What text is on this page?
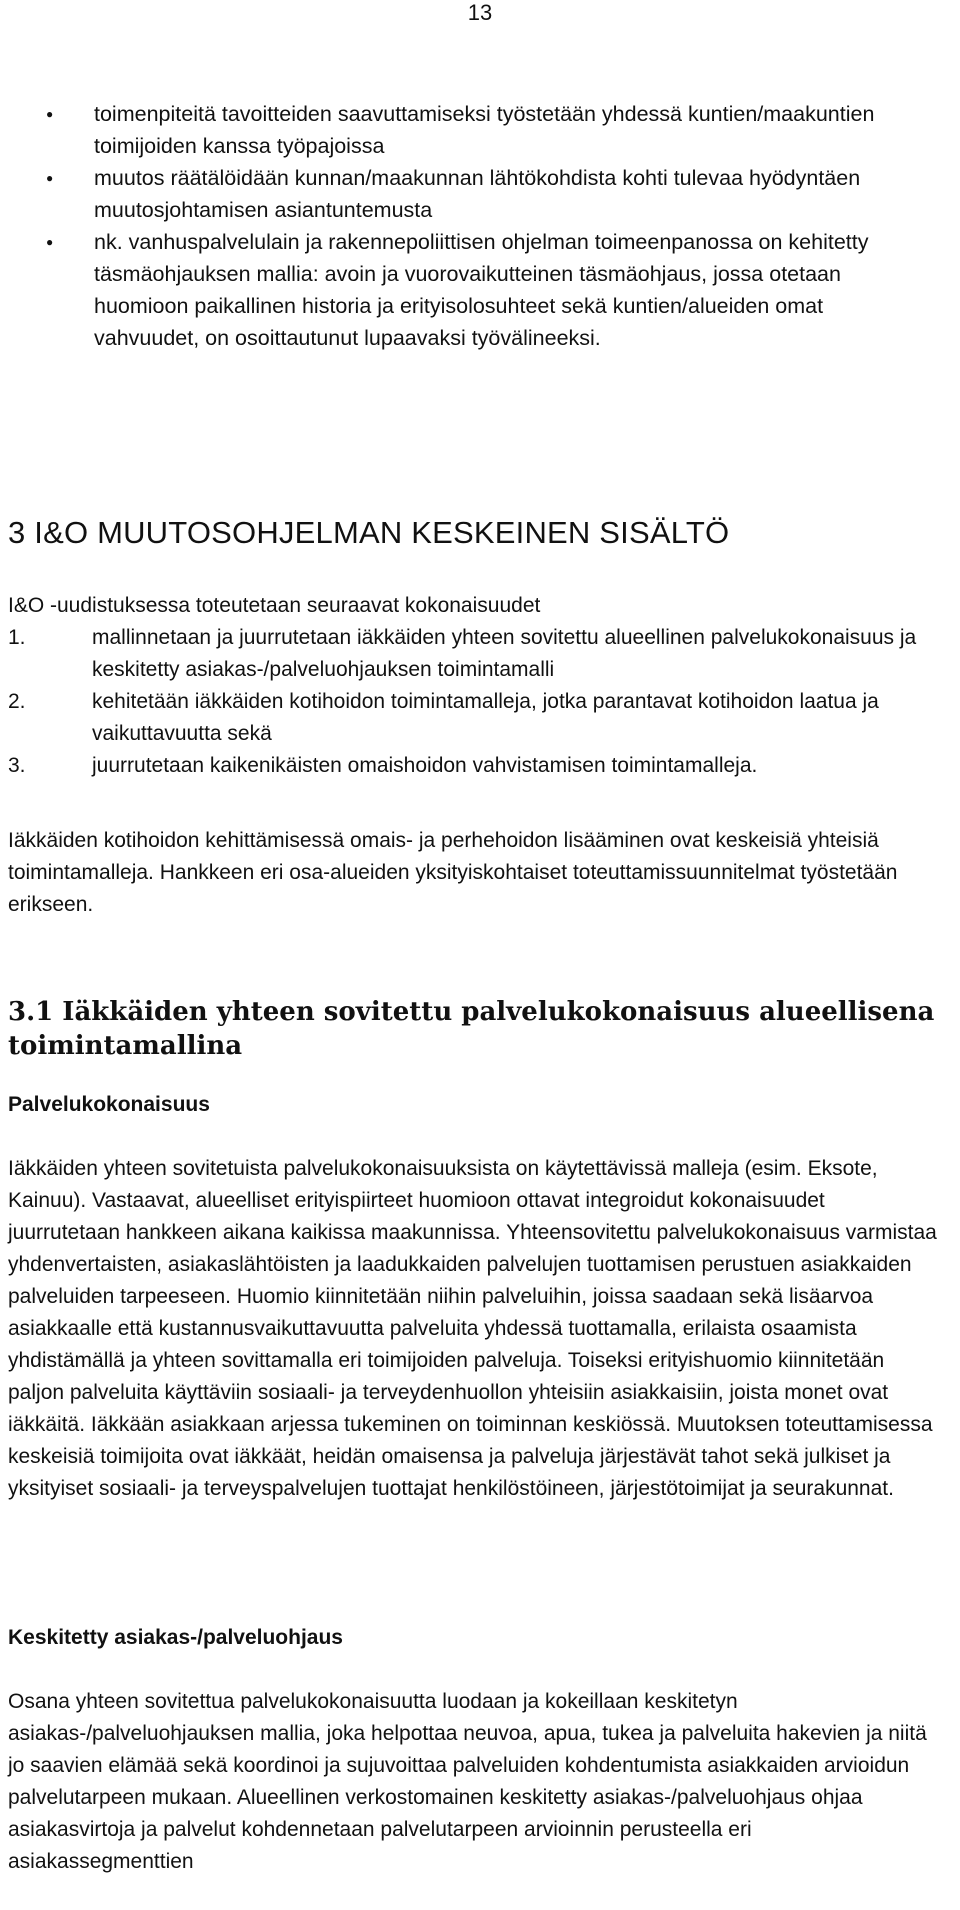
13
● toimenpiteitä tavoitteiden saavuttamiseksi työstetään yhdessä kuntien/maakuntien toimijoiden kanssa työpajoissa
● muutos räätälöidään kunnan/maakunnan lähtökohdista kohti tulevaa hyödyntäen muutosjohtamisen asiantuntemusta
● nk. vanhuspalvelulain ja rakennepoliittisen ohjelman toimeenpanossa on kehitetty täsmäohjauksen mallia: avoin ja vuorovaikutteinen täsmäohjaus, jossa otetaan huomioon paikallinen historia ja erityisolosuhteet sekä kuntien/alueiden omat vahvuudet, on osoittautunut lupaavaksi työvälineeksi.
3 I&O MUUTOSOHJELMAN KESKEINEN SISÄLTÖ
I&O -uudistuksessa toteutetaan seuraavat kokonaisuudet
1.	mallinnetaan ja juurrutetaan iäkkäiden yhteen sovitettu alueellinen palvelukokonaisuus ja keskitetty asiakas-/palveluohjauksen toimintamalli
2.	kehitetään iäkkäiden kotihoidon toimintamalleja, jotka parantavat kotihoidon laatua ja vaikuttavuutta sekä
3.	juurrutetaan kaikenikäisten omaishoidon vahvistamisen toimintamalleja.

Iäkkäiden kotihoidon kehittämisessä omais- ja perhehoidon lisääminen ovat keskeisiä yhteisiä toimintamalleja. Hankkeen eri osa-alueiden yksityiskohtaiset toteuttamissuunnitelmat työstetään erikseen.

3.1 Iäkkäiden yhteen sovitettu palvelukokonaisuus alueellisena toimintamallina
Palvelukokonaisuus

Iäkkäiden yhteen sovitetuista palvelukokonaisuuksista on käytettävissä malleja (esim. Eksote, Kainuu). Vastaavat, alueelliset erityispiirteet huomioon ottavat integroidut kokonaisuudet juurrutetaan hankkeen aikana kaikissa maakunnissa. Yhteensovitettu palvelukokonaisuus varmistaa yhdenvertaisten, asiakaslähtöisten ja laadukkaiden palvelujen tuottamisen perustuen asiakkaiden palveluiden tarpeeseen. Huomio kiinnitetään niihin palveluihin, joissa saadaan sekä lisäarvoa asiakkaalle että kustannusvaikuttavuutta palveluita yhdessä tuottamalla, erilaista osaamista yhdistämällä ja yhteen sovittamalla eri toimijoiden palveluja. Toiseksi erityishuomio kiinnitetään paljon palveluita käyttäviin sosiaali- ja terveydenhuollon yhteisiin asiakkaisiin, joista monet ovat iäkkäitä. Iäkkään asiakkaan arjessa tukeminen on toiminnan keskiössä. Muutoksen toteuttamisessa keskeisiä toimijoita ovat iäkkäät, heidän omaisensa ja palveluja järjestävät tahot sekä julkiset ja yksityiset sosiaali- ja terveyspalvelujen tuottajat henkilöstöineen, järjestötoimijat ja seurakunnat.

Keskitetty asiakas-/palveluohjaus

Osana yhteen sovitettua palvelukokonaisuutta luodaan ja kokeillaan keskitetyn asiakas-/palveluohjauksen mallia, joka helpottaa neuvoa, apua, tukea ja palveluita hakevien ja niitä jo saavien elämää sekä koordinoi ja sujuvoittaa palveluiden kohdentumista asiakkaiden arvioidun palvelutarpeen mukaan. Alueellinen verkostomainen keskitetty asiakas-/palveluohjaus ohjaa asiakasvirtoja ja palvelut kohdennetaan palvelutarpeen arvioinnin perusteella eri asiakassegmenttien
